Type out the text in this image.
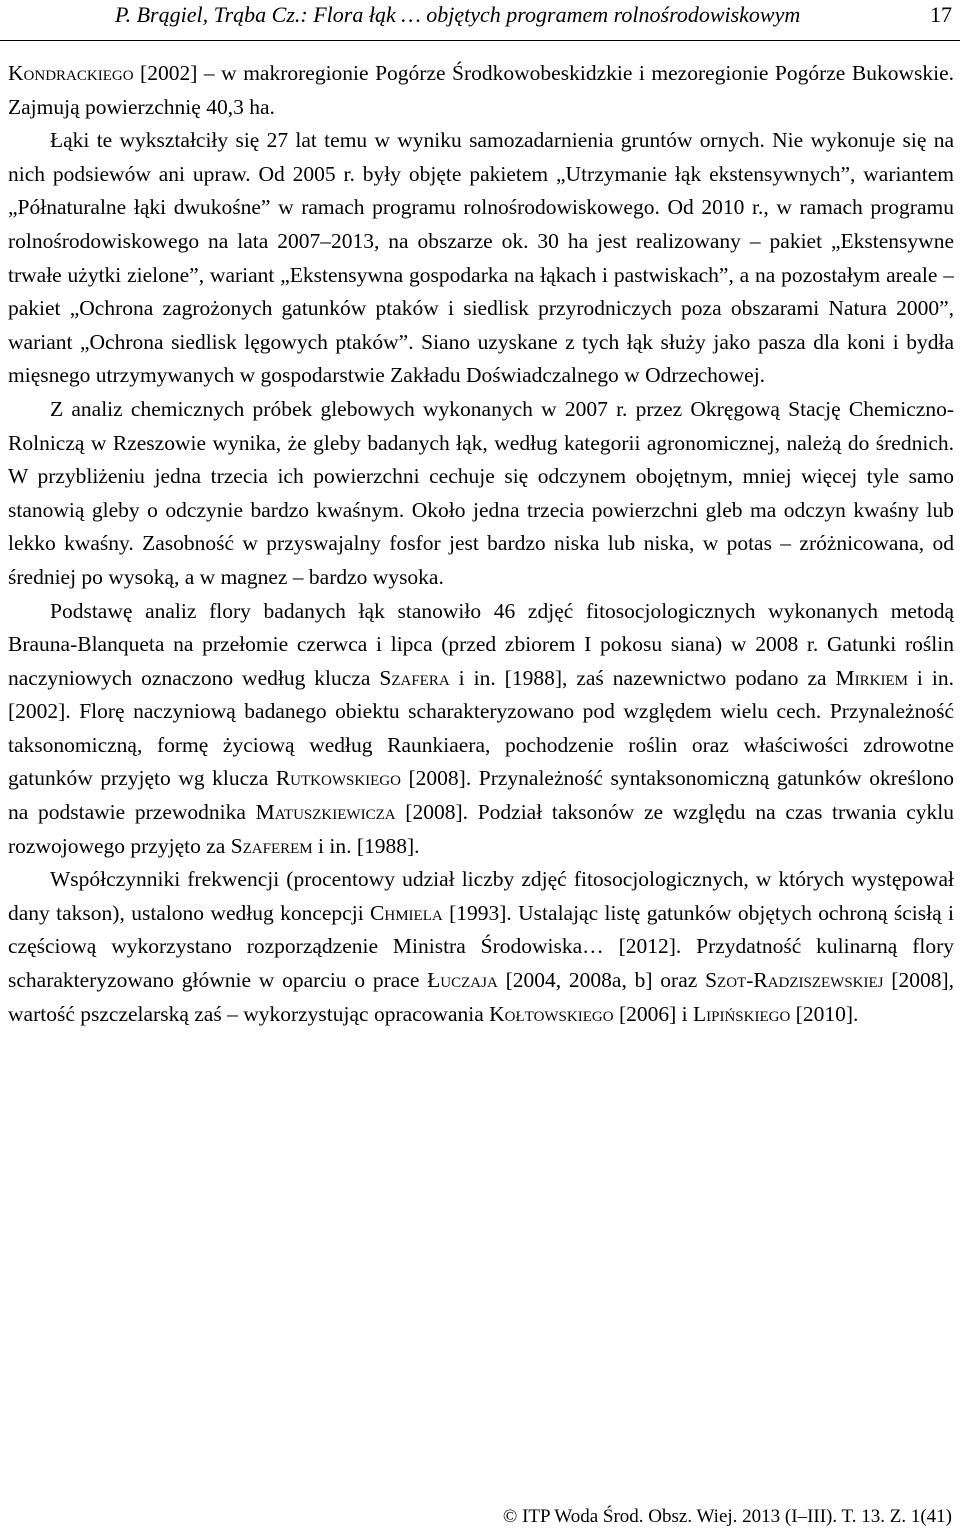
P. Brągiel, Trąba Cz.: Flora łąk … objętych programem rolnośrodowiskowym	17

Kondrackiego [2002] – w makroregionie Pogórze Środkowobeskidzkie i mezoregionie Pogórze Bukowskie. Zajmują powierzchnię 40,3 ha.

Łąki te wykształciły się 27 lat temu w wyniku samozadarnienia gruntów ornych. Nie wykonuje się na nich podsiewów ani upraw. Od 2005 r. były objęte pakietem „Utrzymanie łąk ekstensywnych”, wariantem „Półnaturalne łąki dwukośne” w ramach programu rolnośrodowiskowego. Od 2010 r., w ramach programu rolnośrodowiskowego na lata 2007–2013, na obszarze ok. 30 ha jest realizowany – pakiet „Ekstensywne trwałe użytki zielone”, wariant „Ekstensywna gospodarka na łąkach i pastwiskach”, a na pozostałym areale – pakiet „Ochrona zagrożonych gatunków ptaków i siedlisk przyrodniczych poza obszarami Natura 2000”, wariant „Ochrona siedlisk lęgowych ptaków”. Siano uzyskane z tych łąk służy jako pasza dla koni i bydła mięsnego utrzymywanych w gospodarstwie Zakładu Doświadczalnego w Odrzechowej.

Z analiz chemicznych próbek glebowych wykonanych w 2007 r. przez Okręgową Stację Chemiczno-Rolniczą w Rzeszowie wynika, że gleby badanych łąk, według kategorii agronomicznej, należą do średnich. W przybliżeniu jedna trzecia ich powierzchni cechuje się odczynem obojętnym, mniej więcej tyle samo stanowią gleby o odczynie bardzo kwaśnym. Około jedna trzecia powierzchni gleb ma odczyn kwaśny lub lekko kwaśny. Zasobność w przyswajalny fosfor jest bardzo niska lub niska, w potas – zróżnicowana, od średniej po wysoką, a w magnez – bardzo wysoka.

Podstawę analiz flory badanych łąk stanowiło 46 zdjęć fitosocjologicznych wykonanych metodą Brauna-Blanqueta na przełomie czerwca i lipca (przed zbiorem I pokosu siana) w 2008 r. Gatunki roślin naczyniowych oznaczono według klucza Szafera i in. [1988], zaś nazewnictwo podano za Mirkiem i in. [2002]. Florę naczyniową badanego obiektu scharakteryzowano pod względem wielu cech. Przynależność taksonomiczną, formę życiową według Raunkiaera, pochodzenie roślin oraz właściwości zdrowotne gatunków przyjęto wg klucza Rutkowskiego [2008]. Przynależność syntaksonomiczną gatunków określono na podstawie przewodnika Matuszkiewicza [2008]. Podział taksonów ze względu na czas trwania cyklu rozwojowego przyjęto za Szaferem i in. [1988].

Współczynniki frekwencji (procentowy udział liczby zdjęć fitosocjologicznych, w których występował dany takson), ustalono według koncepcji Chmiela [1993]. Ustalając listę gatunków objętych ochroną ścisłą i częściową wykorzystano rozporządzenie Ministra Środowiska… [2012]. Przydatność kulinarną flory scharakteryzowano głównie w oparciu o prace Łuczaja [2004, 2008a, b] oraz Szot-Radziszewskiej [2008], wartość pszczelarską zaś – wykorzystując opracowania Kołtowskiego [2006] i Lipińskiego [2010].

© ITP Woda Środ. Obsz. Wiej. 2013 (I–III). T. 13. Z. 1(41)
